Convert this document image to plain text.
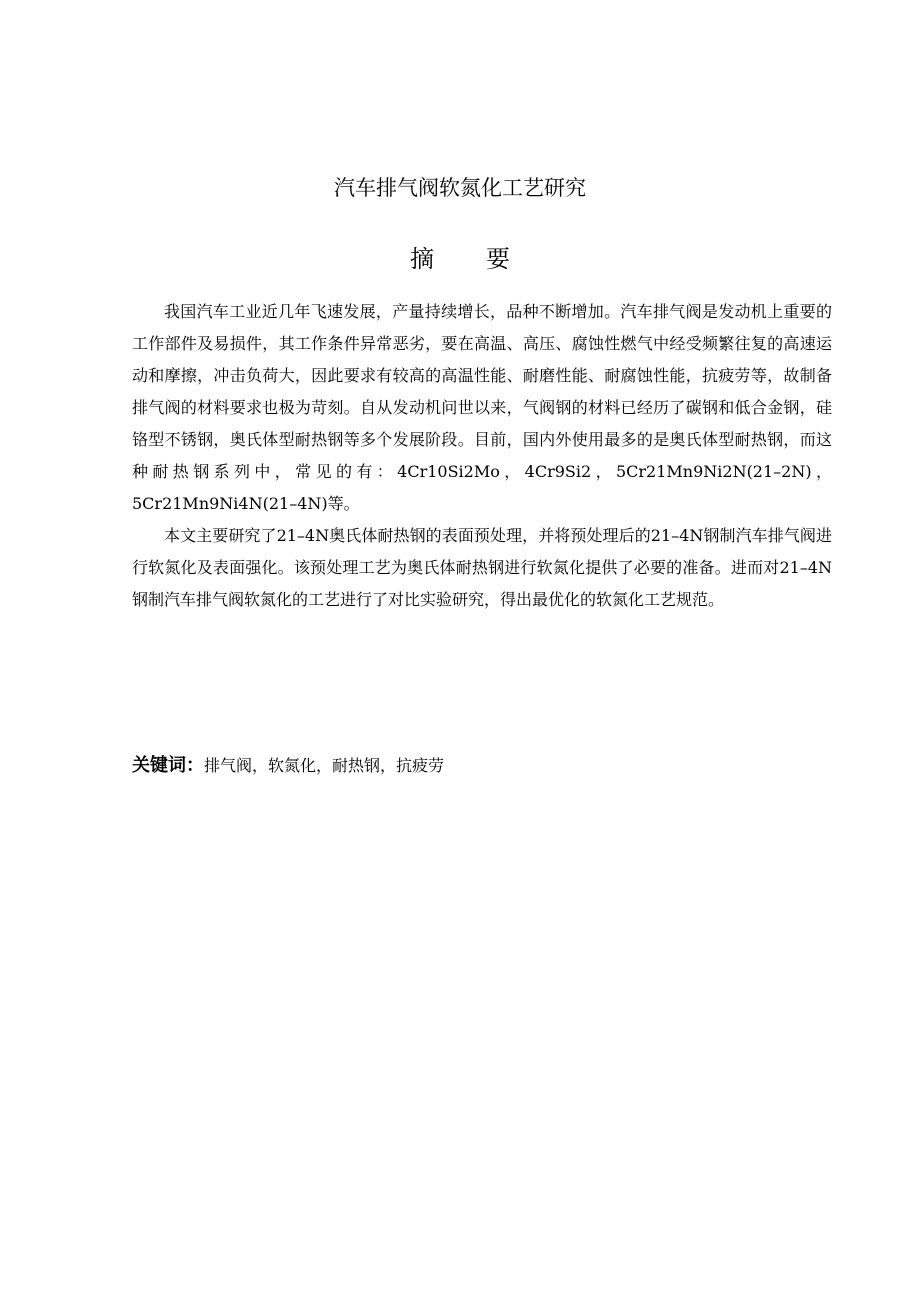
汽车排气阀软氮化工艺研究
摘 要

我国汽车工业近几年飞速发展，产量持续增长，品种不断增加。汽车排气阀是发动机上重要的工作部件及易损件，其工作条件异常恶劣，要在高温、高压、腐蚀性燃气中经受频繁往复的高速运动和摩擦，冲击负荷大，因此要求有较高的高温性能、耐磨性能、耐腐蚀性能，抗疲劳等，故制备排气阀的材料要求也极为苛刻。自从发动机问世以来，气阀钢的材料已经历了碳钢和低合金钢，硅铬型不锈钢，奥氏体型耐热钢等多个发展阶段。目前，国内外使用最多的是奥氏体型耐热钢，而这种耐热钢系列中，常见的有：4Cr10Si2Mo，4Cr9Si2，5Cr21Mn9Ni2N(21–2N)，5Cr21Mn9Ni4N(21–4N)等。

本文主要研究了21–4N奥氏体耐热钢的表面预处理，并将预处理后的21–4N钢制汽车排气阀进行软氮化及表面强化。该预处理工艺为奥氏体耐热钢进行软氮化提供了必要的准备。进而对21–4N钢制汽车排气阀软氮化的工艺进行了对比实验研究，得出最优化的软氮化工艺规范。

关键词：排气阀，软氮化，耐热钢，抗疲劳
